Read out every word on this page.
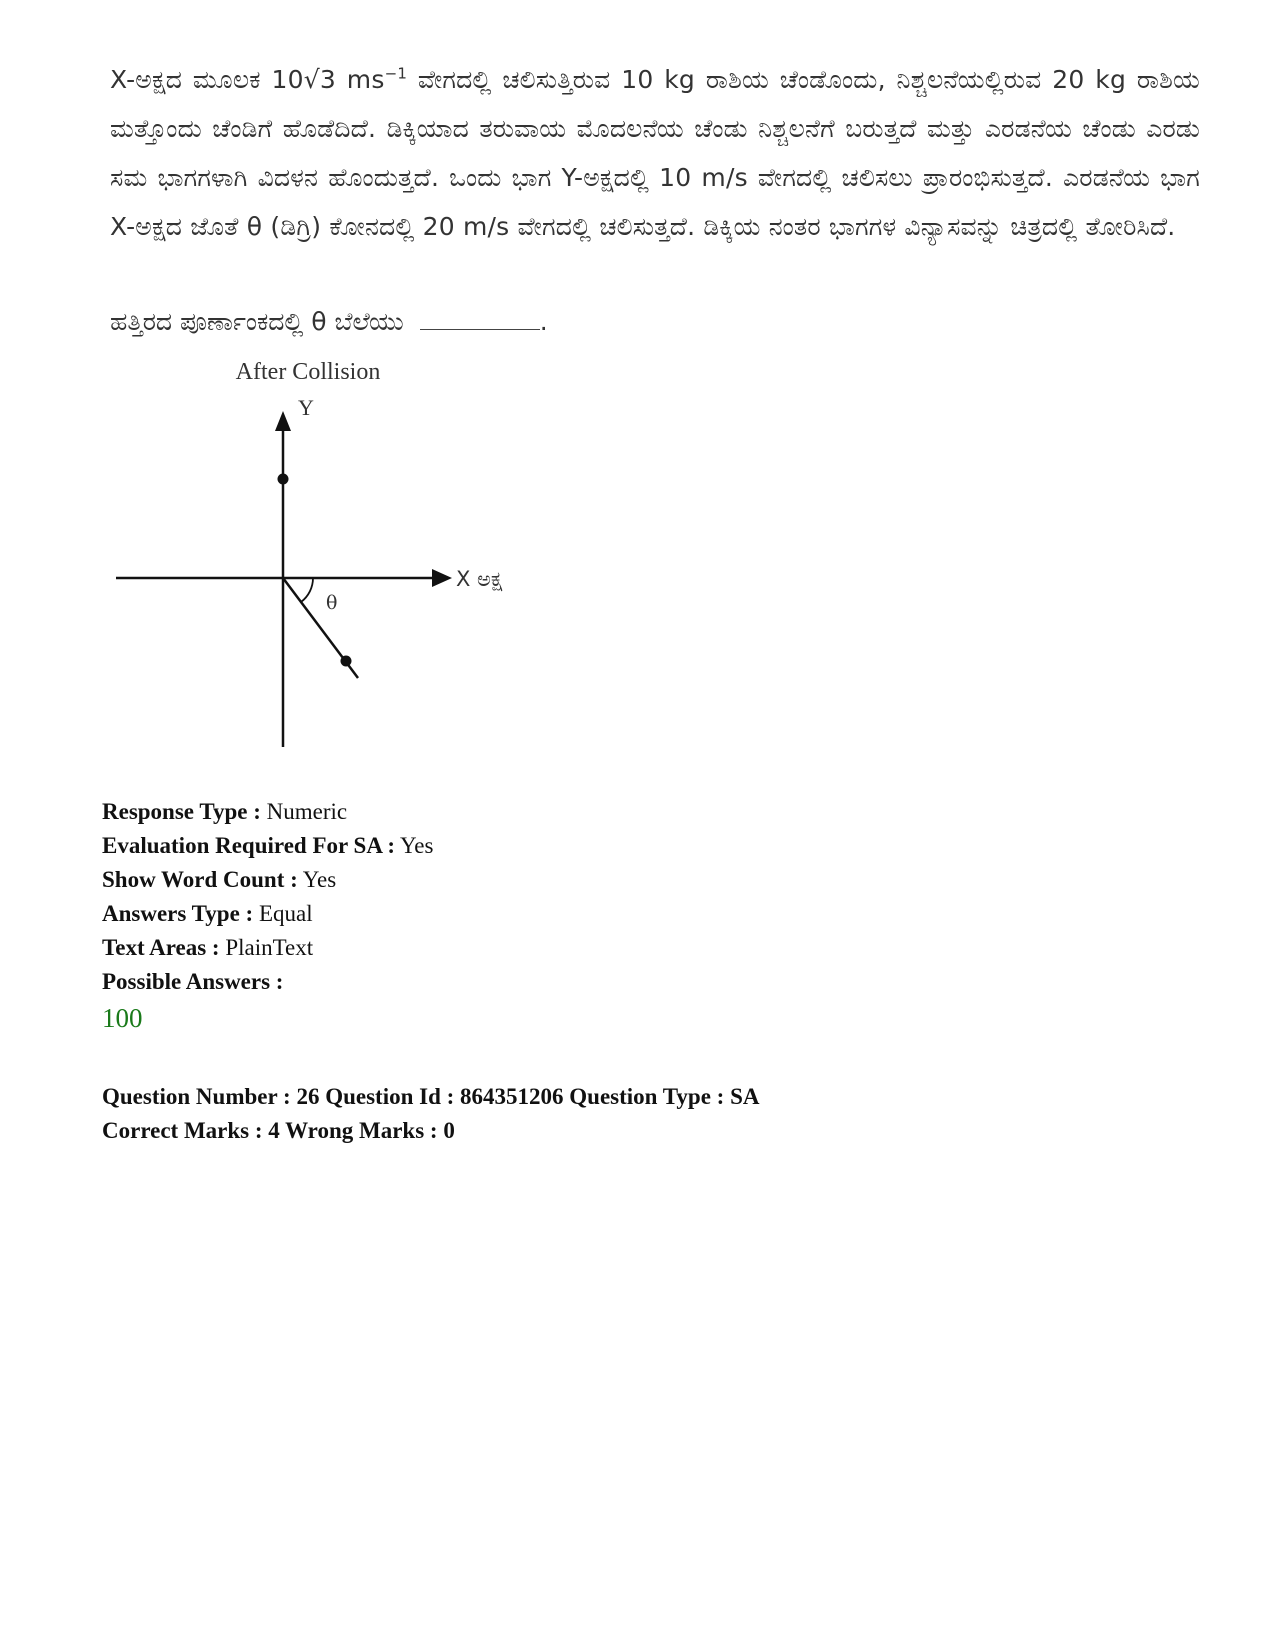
X-ಅಕ್ಷದ ಮೂಲಕ 10√3 $ms^{-1}$ ವೇಗದಲ್ಲಿ ಚಲಿಸುತ್ತಿರುವ 10 kg ರಾಶಿಯ ಚೆಂಡೊಂದು, ನಿಶ್ಚಲನೆಯಲ್ಲಿರುವ 20 kg ರಾಶಿಯ ಮತ್ತೊಂದು ಚೆಂಡಿಗೆ ಹೊಡೆದಿದೆ. ಡಿಕ್ಕಿಯಾದ ತರುವಾಯ ಮೊದಲನೆಯ ಚೆಂಡು ನಿಶ್ಚಲನೆಗೆ ಬರುತ್ತದೆ ಮತ್ತು ಎರಡನೆಯ ಚೆಂಡು ಎರಡು ಸಮ ಭಾಗಗಳಾಗಿ ವಿದಳನ ಹೊಂದುತ್ತದೆ. ಒಂದು ಭಾಗ Y-ಅಕ್ಷದಲ್ಲಿ 10 m/s ವೇಗದಲ್ಲಿ ಚಲಿಸಲು ಪ್ರಾರಂಭಿಸುತ್ತದೆ. ಎರಡನೆಯ ಭಾಗ X-ಅಕ್ಷದ ಜೊತೆ θ (ಡಿಗ್ರಿ) ಕೋನದಲ್ಲಿ 20 m/s ವೇಗದಲ್ಲಿ ಚಲಿಸುತ್ತದೆ. ಡಿಕ್ಕಿಯ ನಂತರ ಭಾಗಗಳ ವಿನ್ಯಾಸವನ್ನು ಚಿತ್ರದಲ್ಲಿ ತೋರಿಸಿದೆ.
ಹತ್ತಿರದ ಪೂರ್ಣಾಂಕದಲ್ಲಿ θ ಬೆಲೆಯು	.
After Collision
Y
X ಅಕ್ಷ
θ
Response Type : Numeric
Evaluation Required For SA : Yes
Show Word Count : Yes
Answers Type : Equal
Text Areas : PlainText
Possible Answers :
100
Question Number : 26 Question Id : 864351206 Question Type : SA
Correct Marks : 4 Wrong Marks : 0
